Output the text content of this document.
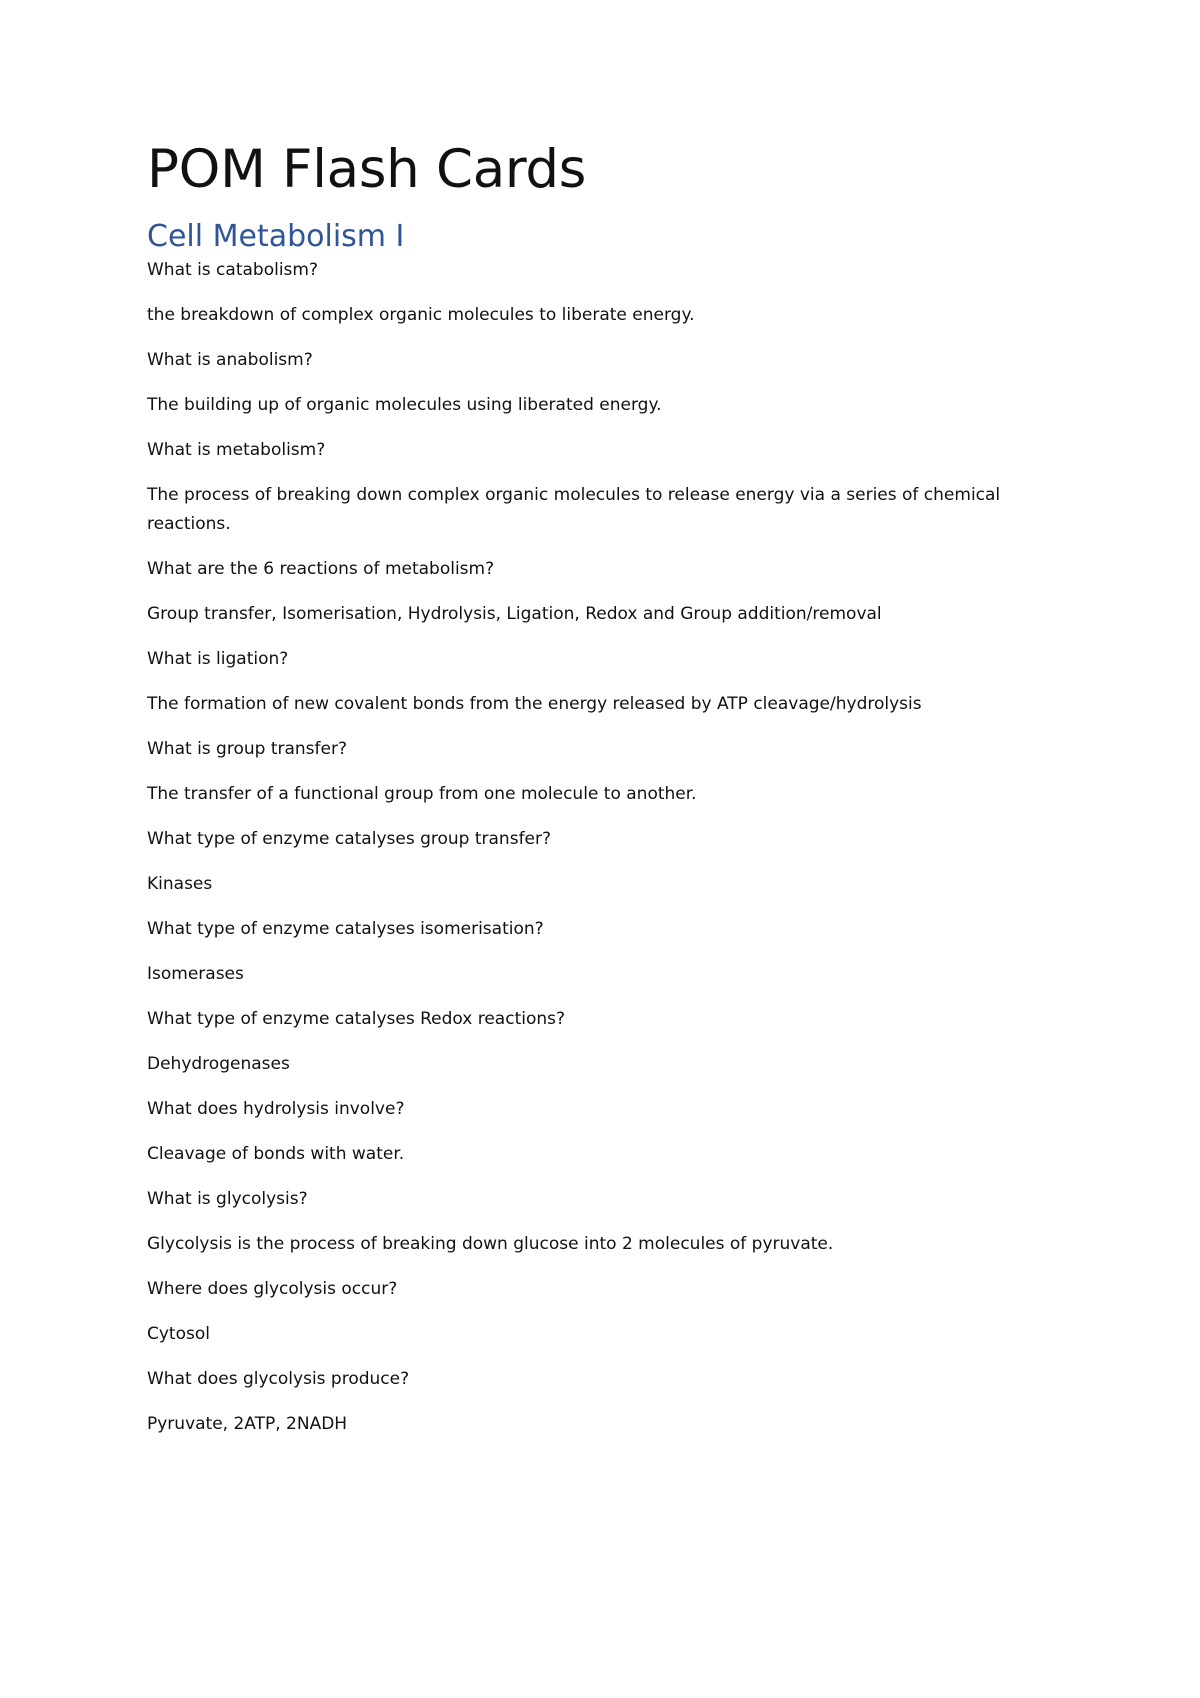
POM Flash Cards
Cell Metabolism I

What is catabolism?

the breakdown of complex organic molecules to liberate energy.

What is anabolism?

The building up of organic molecules using liberated energy.

What is metabolism?

The process of breaking down complex organic molecules to release energy via a series of chemical reactions.

What are the 6 reactions of metabolism?

Group transfer, Isomerisation, Hydrolysis, Ligation, Redox and Group addition/removal

What is ligation?

The formation of new covalent bonds from the energy released by ATP cleavage/hydrolysis

What is group transfer?

The transfer of a functional group from one molecule to another.

What type of enzyme catalyses group transfer?

Kinases

What type of enzyme catalyses isomerisation?

Isomerases

What type of enzyme catalyses Redox reactions?

Dehydrogenases

What does hydrolysis involve?

Cleavage of bonds with water.

What is glycolysis?

Glycolysis is the process of breaking down glucose into 2 molecules of pyruvate.

Where does glycolysis occur?

Cytosol

What does glycolysis produce?

Pyruvate, 2ATP, 2NADH
